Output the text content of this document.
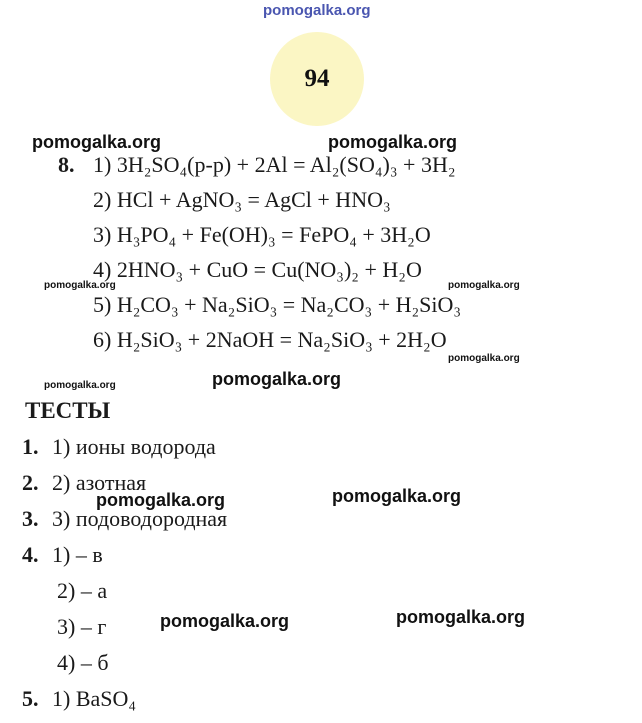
pomogalka.org
94
pomogalka.org	pomogalka.org
8. 1) 3H₂SO₄(р-р) + 2Al = Al₂(SO₄)₃ + 3H₂
2) HCl + AgNO₃ = AgCl + HNO₃
3) H₃PO₄ + Fe(OH)₃ = FePO₄ + 3H₂O
4) 2HNO₃ + CuO = Cu(NO₃)₂ + H₂O
5) H₂CO₃ + Na₂SiO₃ = Na₂CO₃ + H₂SiO₃
6) H₂SiO₃ + 2NaOH = Na₂SiO₃ + 2H₂O
pomogalka.org	pomogalka.org
pomogalka.org
pomogalka.org	pomogalka.org
ТЕСТЫ
1. 1) ионы водорода
2. 2) азотная
3. 3) подоводородная
4. 1) – в
2) – а
3) – г
4) – б
5. 1) BaSO₄
pomogalka.org	pomogalka.org
pomogalka.org
pomogalka.org
